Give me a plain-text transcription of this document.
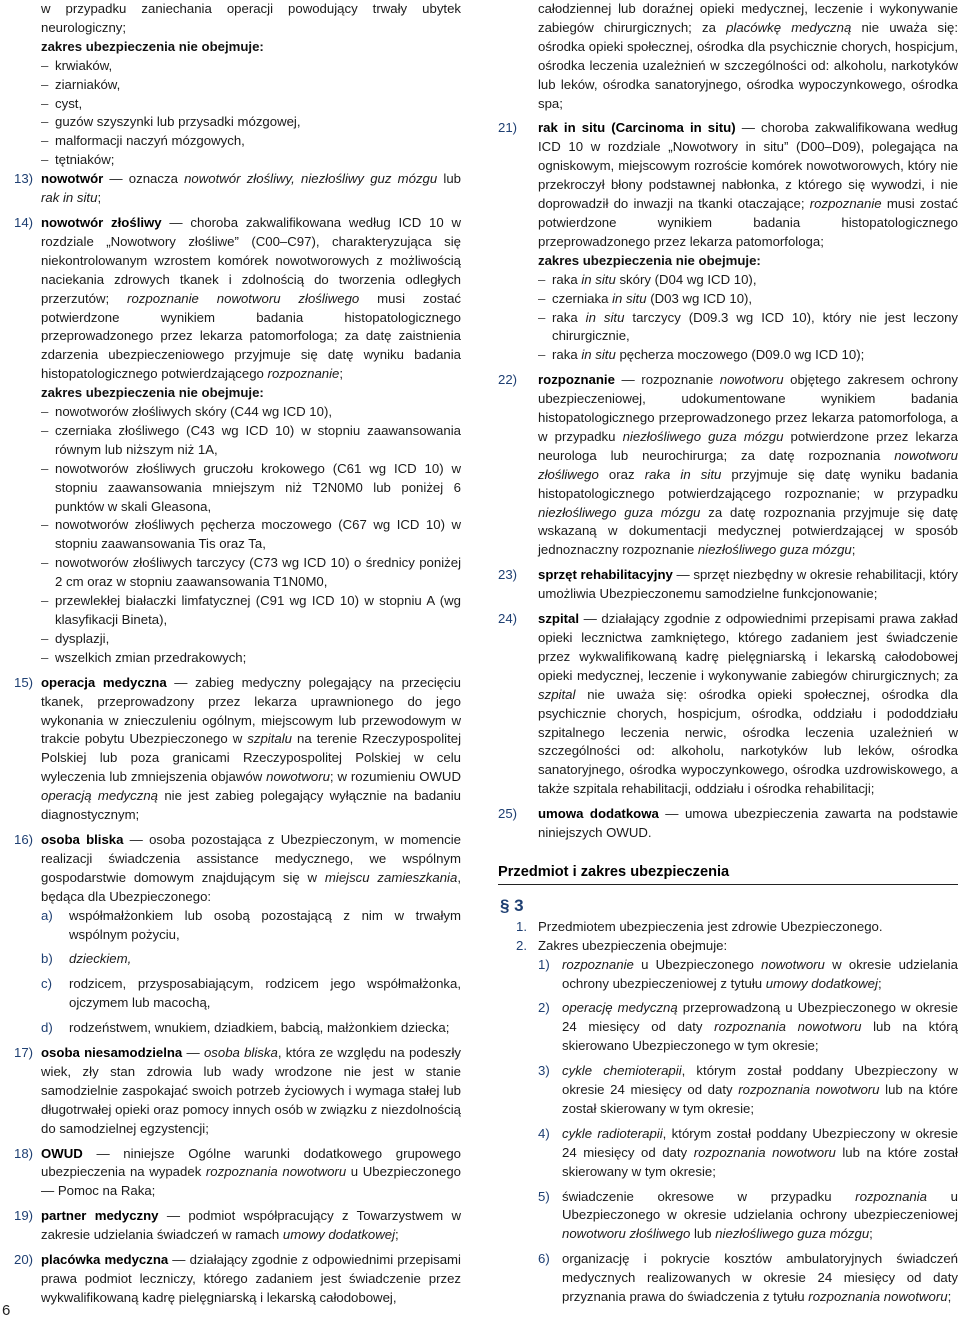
w przypadku zaniechania operacji powodujący trwały ubytek neurologiczny;

zakres ubezpieczenia nie obejmuje:

– krwiaków,

– ziarniaków,

– cyst,

– guzów szyszynki lub przysadki mózgowej,

– malformacji naczyń mózgowych,

– tętniaków;

13) nowotwór — oznacza nowotwór złośliwy, niezłośliwy guz mózgu lub rak in situ;

14) nowotwór złośliwy — choroba zakwalifikowana według ICD 10 w rozdziale „Nowotwory złośliwe” (C00–C97), charakteryzująca się niekontrolowanym wzrostem komórek nowotworowych z możliwością naciekania zdrowych tkanek i zdolnością do tworzenia odległych przerzutów; rozpoznanie nowotworu złośliwego musi zostać potwierdzone wynikiem badania histopatologicznego przeprowadzonego przez lekarza patomorfologa; za datę zaistnienia zdarzenia ubezpieczeniowego przyjmuje się datę wyniku badania histopatologicznego potwierdzającego rozpoznanie;

zakres ubezpieczenia nie obejmuje:

– nowotworów złośliwych skóry (C44 wg ICD 10),

– czerniaka złośliwego (C43 wg ICD 10) w stopniu zaawansowania równym lub niższym niż 1A,

– nowotworów złośliwych gruczołu krokowego (C61 wg ICD 10) w stopniu zaawansowania mniejszym niż T2N0M0 lub poniżej 6 punktów w skali Gleasona,

– nowotworów złośliwych pęcherza moczowego (C67 wg ICD 10) w stopniu zaawansowania Tis oraz Ta,

– nowotworów złośliwych tarczycy (C73 wg ICD 10) o średnicy poniżej 2 cm oraz w stopniu zaawansowania T1N0M0,

– przewlekłej białaczki limfatycznej (C91 wg ICD 10) w stopniu A (wg klasyfikacji Bineta),

– dysplazji,

– wszelkich zmian przedrakowych;

15) operacja medyczna — zabieg medyczny polegający na przecięciu tkanek, przeprowadzony przez lekarza uprawnionego do jego wykonania w znieczuleniu ogólnym, miejscowym lub przewodowym w trakcie pobytu Ubezpieczonego w szpitalu na terenie Rzeczypospolitej Polskiej lub poza granicami Rzeczypospolitej Polskiej w celu wyleczenia lub zmniejszenia objawów nowotworu; w rozumieniu OWUD operacją medyczną nie jest zabieg polegający wyłącznie na badaniu diagnostycznym;

16) osoba bliska — osoba pozostająca z Ubezpieczonym, w momencie realizacji świadczenia assistance medycznego, we wspólnym gospodarstwie domowym znajdującym się w miejscu zamieszkania, będąca dla Ubezpieczonego:

a) współmałżonkiem lub osobą pozostającą z nim w trwałym wspólnym pożyciu,

b) dzieckiem,

c) rodzicem, przysposabiającym, rodzicem jego współmałżonka, ojczymem lub macochą,

d) rodzeństwem, wnukiem, dziadkiem, babcią, małżonkiem dziecka;

17) osoba niesamodzielna — osoba bliska, która ze względu na podeszły wiek, zły stan zdrowia lub wady wrodzone nie jest w stanie samodzielnie zaspokajać swoich potrzeb życiowych i wymaga stałej lub długotrwałej opieki oraz pomocy innych osób w związku z niezdolnością do samodzielnej egzystencji;

18) OWUD — niniejsze Ogólne warunki dodatkowego grupowego ubezpieczenia na wypadek rozpoznania nowotworu u Ubezpieczonego — Pomoc na Raka;

19) partner medyczny — podmiot współpracujący z Towarzystwem w zakresie udzielania świadczeń w ramach umowy dodatkowej;

20) placówka medyczna — działający zgodnie z odpowiednimi przepisami prawa podmiot leczniczy, którego zadaniem jest świadczenie przez wykwalifikowaną kadrę pielęgniarską i lekarską całodobowej,

całodziennej lub doraźnej opieki medycznej, leczenie i wykonywanie zabiegów chirurgicznych; za placówkę medyczną nie uważa się: ośrodka opieki społecznej, ośrodka dla psychicznie chorych, hospicjum, ośrodka leczenia uzależnień w szczególności od: alkoholu, narkotyków lub leków, ośrodka sanatoryjnego, ośrodka wypoczynkowego, ośrodka spa;

21) rak in situ (Carcinoma in situ) — choroba zakwalifikowana według ICD 10 w rozdziale „Nowotwory in situ” (D00–D09), polegająca na ogniskowym, miejscowym rozroście komórek nowotworowych, który nie przekroczył błony podstawnej nabłonka, z którego się wywodzi, i nie doprowadził do inwazji na tkanki otaczające; rozpoznanie musi zostać potwierdzone wynikiem badania histopatologicznego przeprowadzonego przez lekarza patomorfologa;

zakres ubezpieczenia nie obejmuje:

– raka in situ skóry (D04 wg ICD 10),

– czerniaka in situ (D03 wg ICD 10),

– raka in situ tarczycy (D09.3 wg ICD 10), który nie jest leczony chirurgicznie,

– raka in situ pęcherza moczowego (D09.0 wg ICD 10);

22) rozpoznanie — rozpoznanie nowotworu objętego zakresem ochrony ubezpieczeniowej, udokumentowane wynikiem badania histopatologicznego przeprowadzonego przez lekarza patomorfologa, a w przypadku niezłośliwego guza mózgu potwierdzone przez lekarza neurologa lub neurochirurga; za datę rozpoznania nowotworu złośliwego oraz raka in situ przyjmuje się datę wyniku badania histopatologicznego potwierdzającego rozpoznanie; w przypadku niezłośliwego guza mózgu za datę rozpoznania przyjmuje się datę wskazaną w dokumentacji medycznej potwierdzającej w sposób jednoznaczny rozpoznanie niezłośliwego guza mózgu;

23) sprzęt rehabilitacyjny — sprzęt niezbędny w okresie rehabilitacji, który umożliwia Ubezpieczonemu samodzielne funkcjonowanie;

24) szpital — działający zgodnie z odpowiednimi przepisami prawa zakład opieki lecznictwa zamkniętego, którego zadaniem jest świadczenie przez wykwalifikowaną kadrę pielęgniarską i lekarską całodobowej opieki medycznej, leczenie i wykonywanie zabiegów chirurgicznych; za szpital nie uważa się: ośrodka opieki społecznej, ośrodka dla psychicznie chorych, hospicjum, ośrodka, oddziału i pododdziału szpitalnego leczenia nerwic, ośrodka leczenia uzależnień w szczególności od: alkoholu, narkotyków lub leków, ośrodka sanatoryjnego, ośrodka wypoczynkowego, ośrodka uzdrowiskowego, a także szpitala rehabilitacji, oddziału i ośrodka rehabilitacji;

25) umowa dodatkowa — umowa ubezpieczenia zawarta na podstawie niniejszych OWUD.

Przedmiot i zakres ubezpieczenia
§ 3

1. Przedmiotem ubezpieczenia jest zdrowie Ubezpieczonego.

2. Zakres ubezpieczenia obejmuje:

1) rozpoznanie u Ubezpieczonego nowotworu w okresie udzielania ochrony ubezpieczeniowej z tytułu umowy dodatkowej;

2) operację medyczną przeprowadzoną u Ubezpieczonego w okresie 24 miesięcy od daty rozpoznania nowotworu lub na którą skierowano Ubezpieczonego w tym okresie;

3) cykle chemioterapii, którym został poddany Ubezpieczony w okresie 24 miesięcy od daty rozpoznania nowotworu lub na które został skierowany w tym okresie;

4) cykle radioterapii, którym został poddany Ubezpieczony w okresie 24 miesięcy od daty rozpoznania nowotworu lub na które został skierowany w tym okresie;

5) świadczenie okresowe w przypadku rozpoznania u Ubezpieczonego w okresie udzielania ochrony ubezpieczeniowej nowotworu złośliwego lub niezłośliwego guza mózgu;

6) organizację i pokrycie kosztów ambulatoryjnych świadczeń medycznych realizowanych w okresie 24 miesięcy od daty przyznania prawa do świadczenia z tytułu rozpoznania nowotworu;

6
